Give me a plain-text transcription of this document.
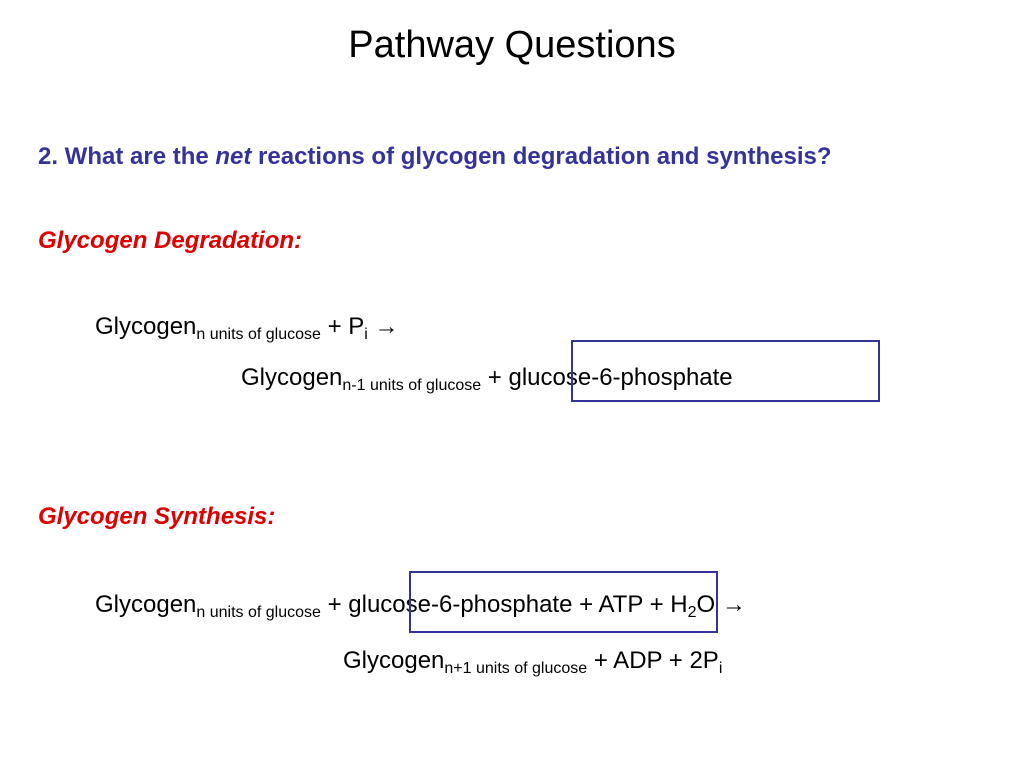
Pathway Questions
2. What are the net reactions of glycogen degradation and synthesis?
Glycogen Degradation:
Glycogen$_{n units of glucose}$ + $P_i$ →
Glycogen$_{n-1 units of glucose}$ + glucose-6-phosphate
Glycogen Synthesis:
Glycogen$_{n units of glucose}$ + glucose-6-phosphate + ATP + $H_2O$ →
Glycogen$_{n+1 units of glucose}$ + ADP + $2P_i$
